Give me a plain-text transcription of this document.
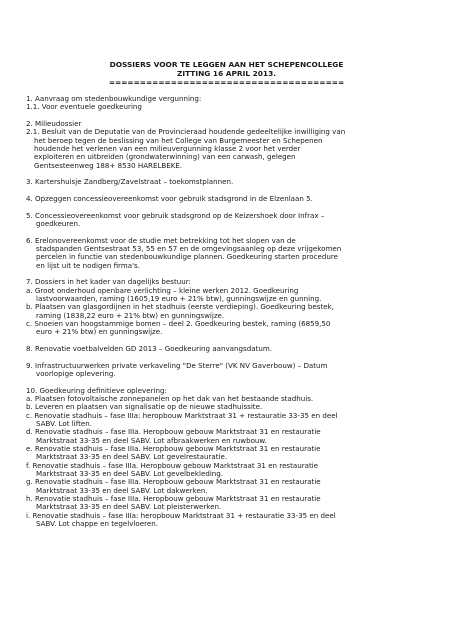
DOSSIERS VOOR TE LEGGEN AAN HET SCHEPENCOLLEGE
ZITTING 16 APRIL 2013.
======================================

1. Aanvraag om stedenbouwkundige vergunning:

1.1. Voor eventuele goedkeuring

2. Milieudossier

2.1. Besluit van de Deputatie van de Provincieraad houdende gedeeltelijke inwilliging van

het beroep tegen de beslissing van het College van Burgemeester en Schepenen

houdende het verlenen van een milieuvergunning klasse 2 voor het verder

exploiteren en uitbreiden (grondwaterwinning) van een carwash, gelegen

Gentsesteenweg 188+ 8530 HARELBEKE.

3. Kartershuisje Zandberg/Zavelstraat – toekomstplannen.

4. Opzeggen concessieovereenkomst voor gebruik stadsgrond in de Elzenlaan 5.

5. Concessieovereenkomst voor gebruik stadsgrond op de Keizershoek door Infrax –

goedkeuren.

6. Erelonovereenkomst voor de studie met betrekking tot het slopen van de

stadspanden Gentsestraat 53, 55 en 57 en de omgevingsaanleg op deze vrijgekomen

percelen in functie van stedenbouwkundige plannen. Goedkeuring starten procedure

en lijst uit te nodigen firma's.

7. Dossiers in het kader van dagelijks bestuur:

a. Groot onderhoud openbare verlichting – kleine werken 2012. Goedkeuring

lastvoorwaarden, raming (1605,19 euro + 21% btw), gunningswijze en gunning.

b. Plaatsen van glasgordijnen in het stadhuis (eerste verdieping). Goedkeuring bestek,

raming (1838,22 euro + 21% btw) en gunningswijze.

c. Snoeien van hoogstammige bomen – deel 2. Goedkeuring bestek, raming (6859,50

euro + 21% btw) en gunningswijze.

8. Renovatie voetbalvelden GD 2013 – Goedkeuring aanvangsdatum.

9. Infrastructuurwerken private verkaveling "De Sterre" (VK NV Gaverbouw) – Datum

voorlopige oplevering.

10. Goedkeuring definitieve oplevering:

a. Plaatsen fotovoltaische zonnepanelen op het dak van het bestaande stadhuis.

b. Leveren en plaatsen van signalisatie op de nieuwe stadhuissite.

c. Renovatie stadhuis – fase IIIa: heropbouw Marktstraat 31 + restauratie 33-35 en deel

SABV. Lot liften.

d. Renovatie stadhuis – fase IIIa. Heropbouw gebouw Marktstraat 31 en restauratie

Marktstraat 33-35 en deel SABV. Lot afbraakwerken en ruwbouw.

e. Renovatie stadhuis – fase IIIa. Heropbouw gebouw Marktstraat 31 en restauratie

Marktstraat 33-35 en deel SABV. Lot gevelrestauratie.

f. Renovatie stadhuis – fase IIIa. Heropbouw gebouw Marktstraat 31 en restauratie

Marktstraat 33-35 en deel SABV. Lot gevelbekleding.

g. Renovatie stadhuis – fase IIIa. Heropbouw gebouw Marktstraat 31 en restauratie

Marktstraat 33-35 en deel SABV. Lot dakwerken.

h. Renovatie stadhuis – fase IIIa. Heropbouw gebouw Marktstraat 31 en restauratie

Marktstraat 33-35 en deel SABV. Lot pleisterwerken.

i. Renovatie stadhuis – fase IIIa: heropbouw Marktstraat 31 + restauratie 33-35 en deel

SABV. Lot chappe en tegelvloeren.
